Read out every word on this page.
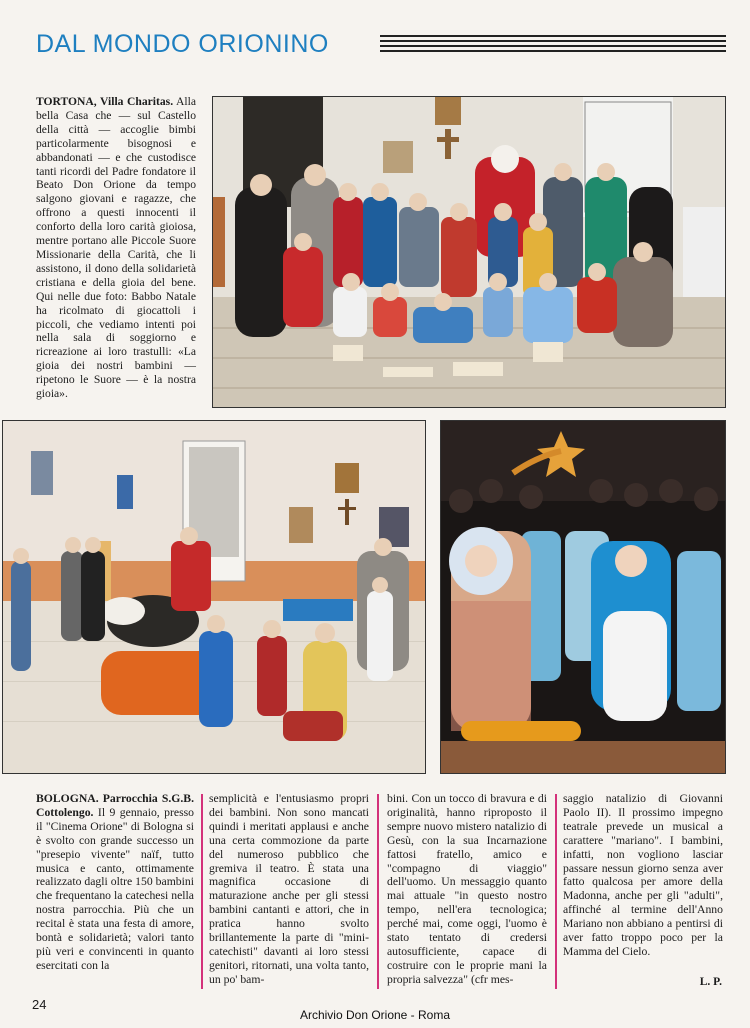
DAL MONDO ORIONINO
TORTONA, Villa Charitas. Alla bella Casa che — sul Castello della città — accoglie bimbi particolarmente bisognosi e abbandonati — e che custodisce tanti ricordi del Padre fondatore il Beato Don Orione da tempo salgono giovani e ragazze, che offrono a questi innocenti il conforto della loro carità gioiosa, mentre portano alle Piccole Suore Missionarie della Carità, che li assistono, il dono della solidarietà cristiana e della gioia del bene. Qui nelle due foto: Babbo Natale ha ricolmato di giocattoli i piccoli, che vediamo intenti poi nella sala di soggiorno e ricreazione ai loro trastulli: «La gioia dei nostri bambini — ripetono le Suore — è la nostra gioia».
BOLOGNA. Parrocchia S.G.B. Cottolengo. Il 9 gennaio, presso il "Cinema Orione" di Bologna si è svolto con grande successo un "presepio vivente" naïf, tutto musica e canto, ottimamente realizzato dagli oltre 150 bambini che frequentano la catechesi nella nostra parrocchia. Più che un recital è stata una festa di amore, bontà e solidarietà; valori tanto più veri e convincenti in quanto esercitati con la
semplicità e l'entusiasmo propri dei bambini. Non sono mancati quindi i meritati applausi e anche una certa commozione da parte del numeroso pubblico che gremiva il teatro. È stata una magnifica occasione di maturazione anche per gli stessi bambini cantanti e attori, che in pratica hanno svolto brillantemente la parte di "mini-catechisti" davanti ai loro stessi genitori, ritornati, una volta tanto, un po' bam-
bini. Con un tocco di bravura e di originalità, hanno riproposto il sempre nuovo mistero natalizio di Gesù, con la sua Incarnazione fattosi fratello, amico e "compagno di viaggio" dell'uomo. Un messaggio quanto mai attuale "in questo nostro tempo, nell'era tecnologica; perché mai, come oggi, l'uomo è stato tentato di credersi autosufficiente, capace di costruire con le proprie mani la propria salvezza" (cfr mes-
saggio natalizio di Giovanni Paolo II). Il prossimo impegno teatrale prevede un musical a carattere "mariano". I bambini, infatti, non vogliono lasciar passare nessun giorno senza aver fatto qualcosa per amore della Madonna, anche per gli "adulti", affinché al termine dell'Anno Mariano non abbiano a pentirsi di aver fatto troppo poco per la Mamma del Cielo.
L. P.
24
Archivio Don Orione - Roma
